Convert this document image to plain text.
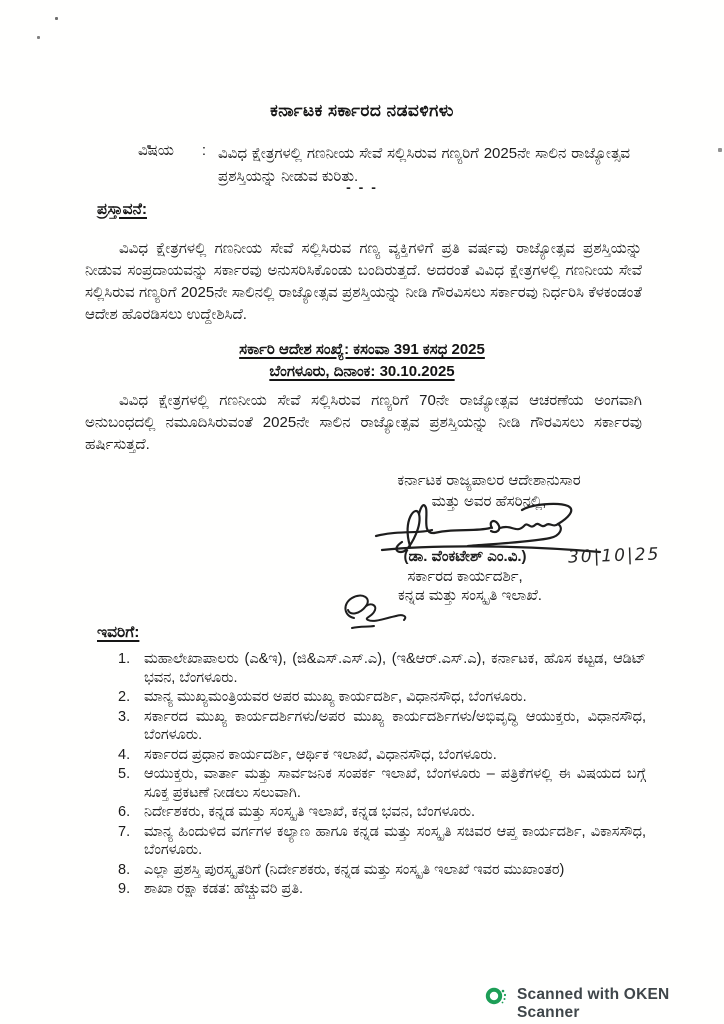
ಕರ್ನಾಟಕ ಸರ್ಕಾರದ ನಡವಳಿಗಳು
ವಿಷಯ	: ವಿವಿಧ ಕ್ಷೇತ್ರಗಳಲ್ಲಿ ಗಣನೀಯ ಸೇವೆ ಸಲ್ಲಿಸಿರುವ ಗಣ್ಯರಿಗೆ 2025ನೇ ಸಾಲಿನ ರಾಜ್ಯೋತ್ಸವ ಪ್ರಶಸ್ತಿಯನ್ನು ನೀಡುವ ಕುರಿತು.
- - -
ಪ್ರಸ್ತಾವನೆ:
ವಿವಿಧ ಕ್ಷೇತ್ರಗಳಲ್ಲಿ ಗಣನೀಯ ಸೇವೆ ಸಲ್ಲಿಸಿರುವ ಗಣ್ಯ ವ್ಯಕ್ತಿಗಳಿಗೆ ಪ್ರತಿ ವರ್ಷವು ರಾಜ್ಯೋತ್ಸವ ಪ್ರಶಸ್ತಿಯನ್ನು ನೀಡುವ ಸಂಪ್ರದಾಯವನ್ನು ಸರ್ಕಾರವು ಅನುಸರಿಸಿಕೊಂಡು ಬಂದಿರುತ್ತದೆ. ಅದರಂತೆ ವಿವಿಧ ಕ್ಷೇತ್ರಗಳಲ್ಲಿ ಗಣನೀಯ ಸೇವೆ ಸಲ್ಲಿಸಿರುವ ಗಣ್ಯರಿಗೆ 2025ನೇ ಸಾಲಿನಲ್ಲಿ ರಾಜ್ಯೋತ್ಸವ ಪ್ರಶಸ್ತಿಯನ್ನು ನೀಡಿ ಗೌರವಿಸಲು ಸರ್ಕಾರವು ನಿರ್ಧರಿಸಿ ಕೆಳಕಂಡಂತೆ ಆದೇಶ ಹೊರಡಿಸಲು ಉದ್ದೇಶಿಸಿದೆ.
ಸರ್ಕಾರಿ ಆದೇಶ ಸಂಖ್ಯೆ: ಕಸಂವಾ 391 ಕಸಧ 2025
ಬೆಂಗಳೂರು, ದಿನಾಂಕ: 30.10.2025
ವಿವಿಧ ಕ್ಷೇತ್ರಗಳಲ್ಲಿ ಗಣನೀಯ ಸೇವೆ ಸಲ್ಲಿಸಿರುವ ಗಣ್ಯರಿಗೆ 70ನೇ ರಾಜ್ಯೋತ್ಸವ ಆಚರಣೆಯ ಅಂಗವಾಗಿ ಅನುಬಂಧದಲ್ಲಿ ನಮೂದಿಸಿರುವಂತೆ 2025ನೇ ಸಾಲಿನ ರಾಜ್ಯೋತ್ಸವ ಪ್ರಶಸ್ತಿಯನ್ನು ನೀಡಿ ಗೌರವಿಸಲು ಸರ್ಕಾರವು ಹರ್ಷಿಸುತ್ತದೆ.
ಕರ್ನಾಟಕ ರಾಜ್ಯಪಾಲರ ಆದೇಶಾನುಸಾರ
ಮತ್ತು ಅವರ ಹೆಸರಿನಲ್ಲಿ,
(ಡಾ. ವೆಂಕಟೇಶ್ ಎಂ.ವಿ.)	30|10|25
ಸರ್ಕಾರದ ಕಾರ್ಯದರ್ಶಿ,
ಕನ್ನಡ ಮತ್ತು ಸಂಸ್ಕೃತಿ ಇಲಾಖೆ.
ಇವರಿಗೆ:
1. ಮಹಾಲೇಖಾಪಾಲರು (ಎ&ಇ), (ಜಿ&ಎಸ್.ಎಸ್.ಎ), (ಇ&ಆರ್.ಎಸ್.ಎ), ಕರ್ನಾಟಕ, ಹೊಸ ಕಟ್ಟಡ, ಆಡಿಟ್ ಭವನ, ಬೆಂಗಳೂರು.
2. ಮಾನ್ಯ ಮುಖ್ಯಮಂತ್ರಿಯವರ ಅಪರ ಮುಖ್ಯ ಕಾರ್ಯದರ್ಶಿ, ವಿಧಾನಸೌಧ, ಬೆಂಗಳೂರು.
3. ಸರ್ಕಾರದ ಮುಖ್ಯ ಕಾರ್ಯದರ್ಶಿಗಳು/ಅಪರ ಮುಖ್ಯ ಕಾರ್ಯದರ್ಶಿಗಳು/ಅಭಿವೃದ್ಧಿ ಆಯುಕ್ತರು, ವಿಧಾನಸೌಧ, ಬೆಂಗಳೂರು.
4. ಸರ್ಕಾರದ ಪ್ರಧಾನ ಕಾರ್ಯದರ್ಶಿ, ಆರ್ಥಿಕ ಇಲಾಖೆ, ವಿಧಾನಸೌಧ, ಬೆಂಗಳೂರು.
5. ಆಯುಕ್ತರು, ವಾರ್ತಾ ಮತ್ತು ಸಾರ್ವಜನಿಕ ಸಂಪರ್ಕ ಇಲಾಖೆ, ಬೆಂಗಳೂರು – ಪತ್ರಿಕೆಗಳಲ್ಲಿ ಈ ವಿಷಯದ ಬಗ್ಗೆ ಸೂಕ್ತ ಪ್ರಕಟಣೆ ನೀಡಲು ಸಲುವಾಗಿ.
6. ನಿರ್ದೇಶಕರು, ಕನ್ನಡ ಮತ್ತು ಸಂಸ್ಕೃತಿ ಇಲಾಖೆ, ಕನ್ನಡ ಭವನ, ಬೆಂಗಳೂರು.
7. ಮಾನ್ಯ ಹಿಂದುಳಿದ ವರ್ಗಗಳ ಕಲ್ಯಾಣ ಹಾಗೂ ಕನ್ನಡ ಮತ್ತು ಸಂಸ್ಕೃತಿ ಸಚಿವರ ಆಪ್ತ ಕಾರ್ಯದರ್ಶಿ, ವಿಕಾಸಸೌಧ, ಬೆಂಗಳೂರು.
8. ಎಲ್ಲಾ ಪ್ರಶಸ್ತಿ ಪುರಸ್ಕೃತರಿಗೆ (ನಿರ್ದೇಶಕರು, ಕನ್ನಡ ಮತ್ತು ಸಂಸ್ಕೃತಿ ಇಲಾಖೆ ಇವರ ಮುಖಾಂತರ)
9. ಶಾಖಾ ರಕ್ಷಾ ಕಡತ: ಹೆಚ್ಚುವರಿ ಪ್ರತಿ.
Scanned with OKEN Scanner
